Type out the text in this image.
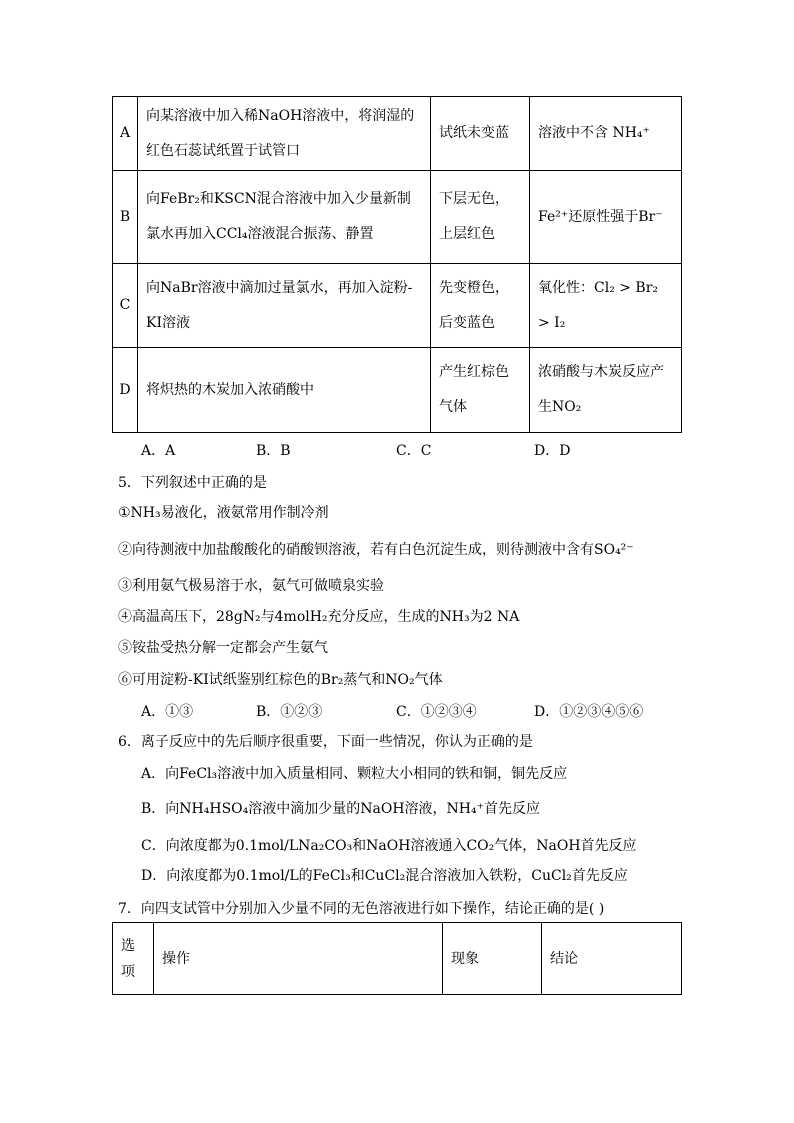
A	向某溶液中加入稀NaOH溶液中，将润湿的红色石蕊试纸置于试管口	试纸未变蓝	溶液中不含 NH₄⁺
B	向FeBr₂和KSCN混合溶液中加入少量新制氯水再加入CCl₄溶液混合振荡、静置	下层无色，上层红色	Fe²⁺还原性强于Br⁻
C	向NaBr溶液中滴加过量氯水，再加入淀粉-KI溶液	先变橙色，后变蓝色	氧化性：Cl₂ > Br₂ > I₂
D	将炽热的木炭加入浓硝酸中	产生红棕色气体	浓硝酸与木炭反应产生NO₂
A．A	B．B	C．C	D．D
5．下列叙述中正确的是
①NH₃易液化，液氨常用作制冷剂
②向待测液中加盐酸酸化的硝酸钡溶液，若有白色沉淀生成，则待测液中含有SO₄²⁻
③利用氨气极易溶于水，氨气可做喷泉实验
④高温高压下，28gN₂与4molH₂充分反应，生成的NH₃为2 NA
⑤铵盐受热分解一定都会产生氨气
⑥可用淀粉-KI试纸鉴别红棕色的Br₂蒸气和NO₂气体
A．①③	B．①②③	C．①②③④	D．①②③④⑤⑥
6．离子反应中的先后顺序很重要，下面一些情况，你认为正确的是
A．向FeCl₃溶液中加入质量相同、颗粒大小相同的铁和铜，铜先反应
B．向NH₄HSO₄溶液中滴加少量的NaOH溶液，NH₄⁺首先反应
C．向浓度都为0.1mol/LNa₂CO₃和NaOH溶液通入CO₂气体，NaOH首先反应
D．向浓度都为0.1mol/L的FeCl₃和CuCl₂混合溶液加入铁粉，CuCl₂首先反应
7．向四支试管中分别加入少量不同的无色溶液进行如下操作，结论正确的是( )
选项	操作	现象	结论
